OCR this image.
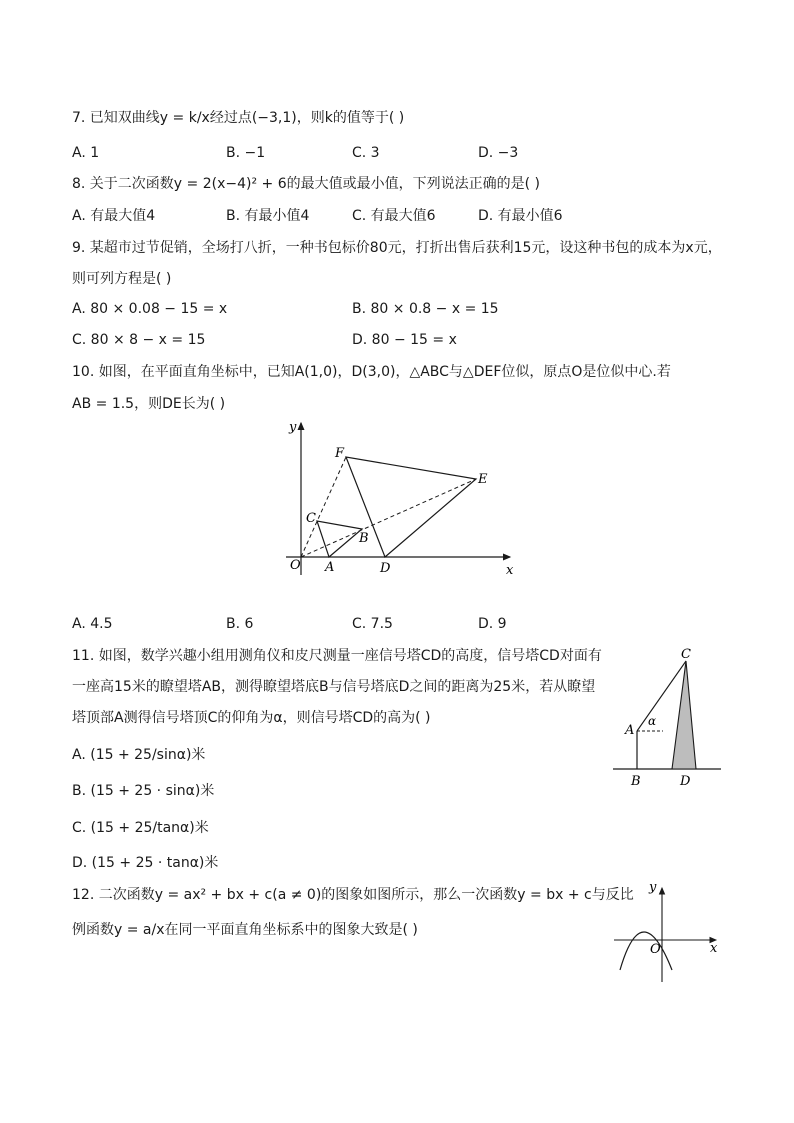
7. 已知双曲线y = k/x经过点(−3,1)，则k的值等于( )
A. 1	B. −1	C. 3	D. −3
8. 关于二次函数y = 2(x−4)² + 6的最大值或最小值，下列说法正确的是( )
A. 有最大值4	B. 有最小值4	C. 有最大值6	D. 有最小值6
9. 某超市过节促销，全场打八折，一种书包标价80元，打折出售后获利15元，设这种书包的成本为x元，
则可列方程是( )
A. 80 × 0.08 − 15 = x	B. 80 × 0.8 − x = 15
C. 80 × 8 − x = 15	D. 80 − 15 = x
10. 如图，在平面直角坐标中，已知A(1,0)，D(3,0)，△ABC与△DEF位似，原点O是位似中心.若
AB = 1.5，则DE长为( )
y
x
O A
B
C
D
E
F
A. 4.5	B. 6	C. 7.5	D. 9
11. 如图，数学兴趣小组用测角仪和皮尺测量一座信号塔CD的高度，信号塔CD对面有
一座高15米的瞭望塔AB，测得瞭望塔底B与信号塔底D之间的距离为25米，若从瞭望
塔顶部A测得信号塔顶C的仰角为α，则信号塔CD的高为( )
A. (15 + 25/sinα)米
B. (15 + 25 · sinα)米
C. (15 + 25/tanα)米
D. (15 + 25 · tanα)米
C
A
α
B	D
12. 二次函数y = ax² + bx + c(a ≠ 0)的图象如图所示，那么一次函数y = bx + c与反比
例函数y = a/x在同一平面直角坐标系中的图象大致是( )
y
O	x
